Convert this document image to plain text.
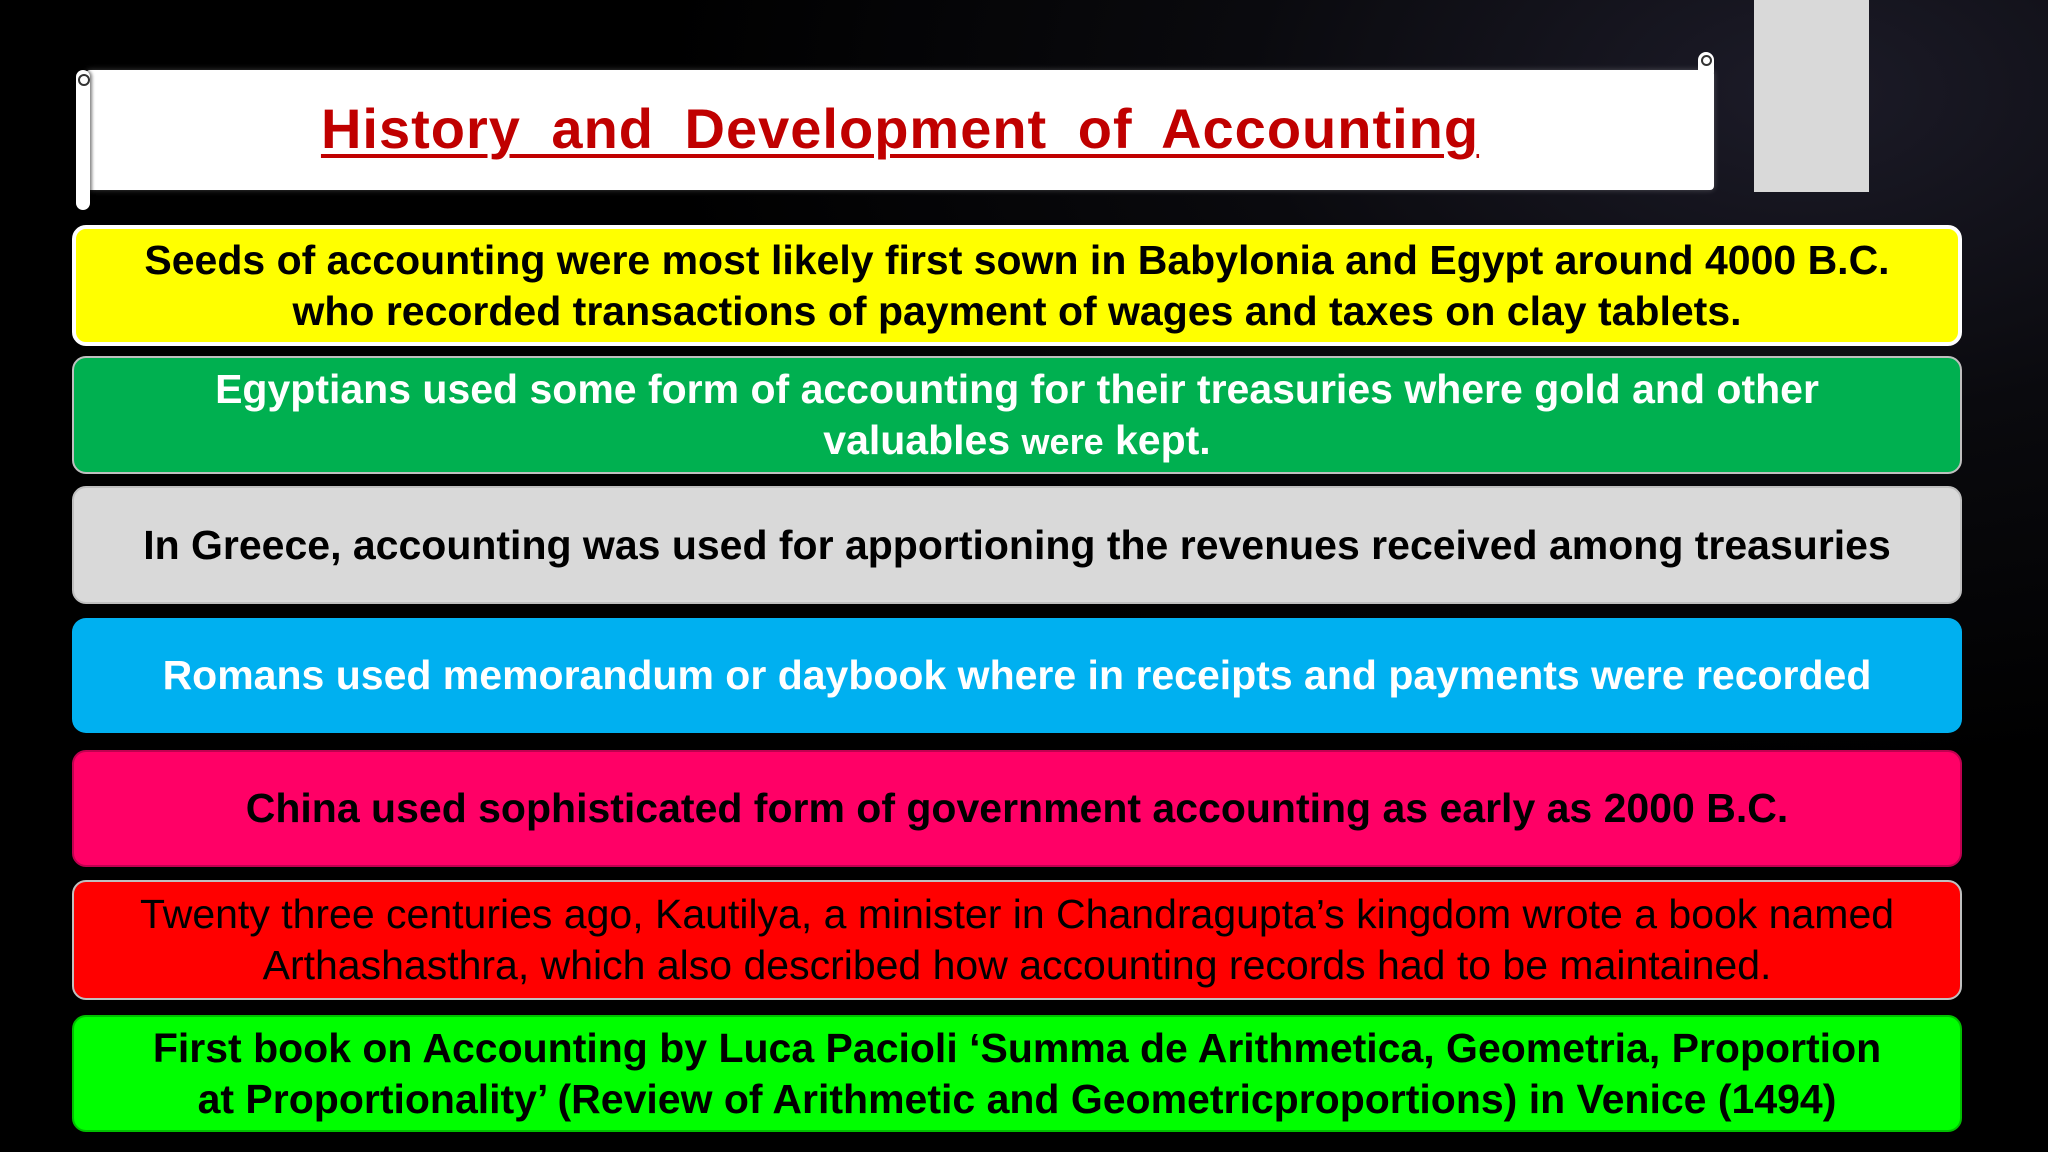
History and Development of Accounting
Seeds of accounting were most likely first sown in Babylonia and Egypt around 4000 B.C.
who recorded transactions of payment of wages and taxes on clay tablets.
Egyptians used some form of accounting for their treasuries where gold and other
valuables were kept.
In Greece, accounting was used for apportioning the revenues received among treasuries
Romans used memorandum or daybook where in receipts and payments were recorded
China used sophisticated form of government accounting as early as 2000 B.C.
Twenty three centuries ago, Kautilya, a minister in Chandragupta’s kingdom wrote a book named
Arthashasthra, which also described how accounting records had to be maintained.
First book on Accounting by Luca Pacioli ‘Summa de Arithmetica, Geometria, Proportion
at Proportionality’ (Review of Arithmetic and Geometricproportions) in Venice (1494)
